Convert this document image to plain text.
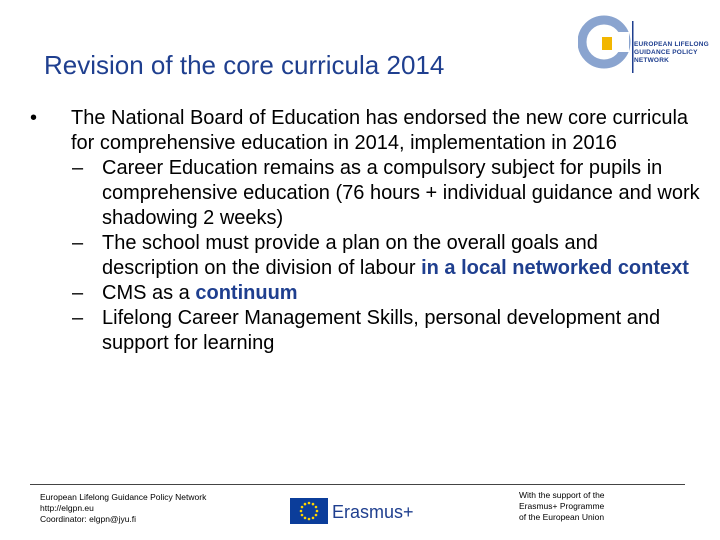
Revision of the core curricula 2014
EUROPEAN LIFELONG
GUIDANCE POLICY
NETWORK
• The National Board of Education has endorsed the new core curricula for comprehensive education in 2014, implementation in 2016
– Career Education remains as a compulsory subject for pupils in comprehensive education (76 hours + individual guidance and work shadowing 2 weeks)
– The school must provide a plan on the overall goals and description on the division of labour in a local networked context
– CMS as a continuum
– Lifelong Career Management Skills, personal development and support for learning
European Lifelong Guidance Policy Network
http://elgpn.eu
Coordinator: elgpn@jyu.fi	Erasmus+
With the support of the
Erasmus+ Programme
of the European Union
